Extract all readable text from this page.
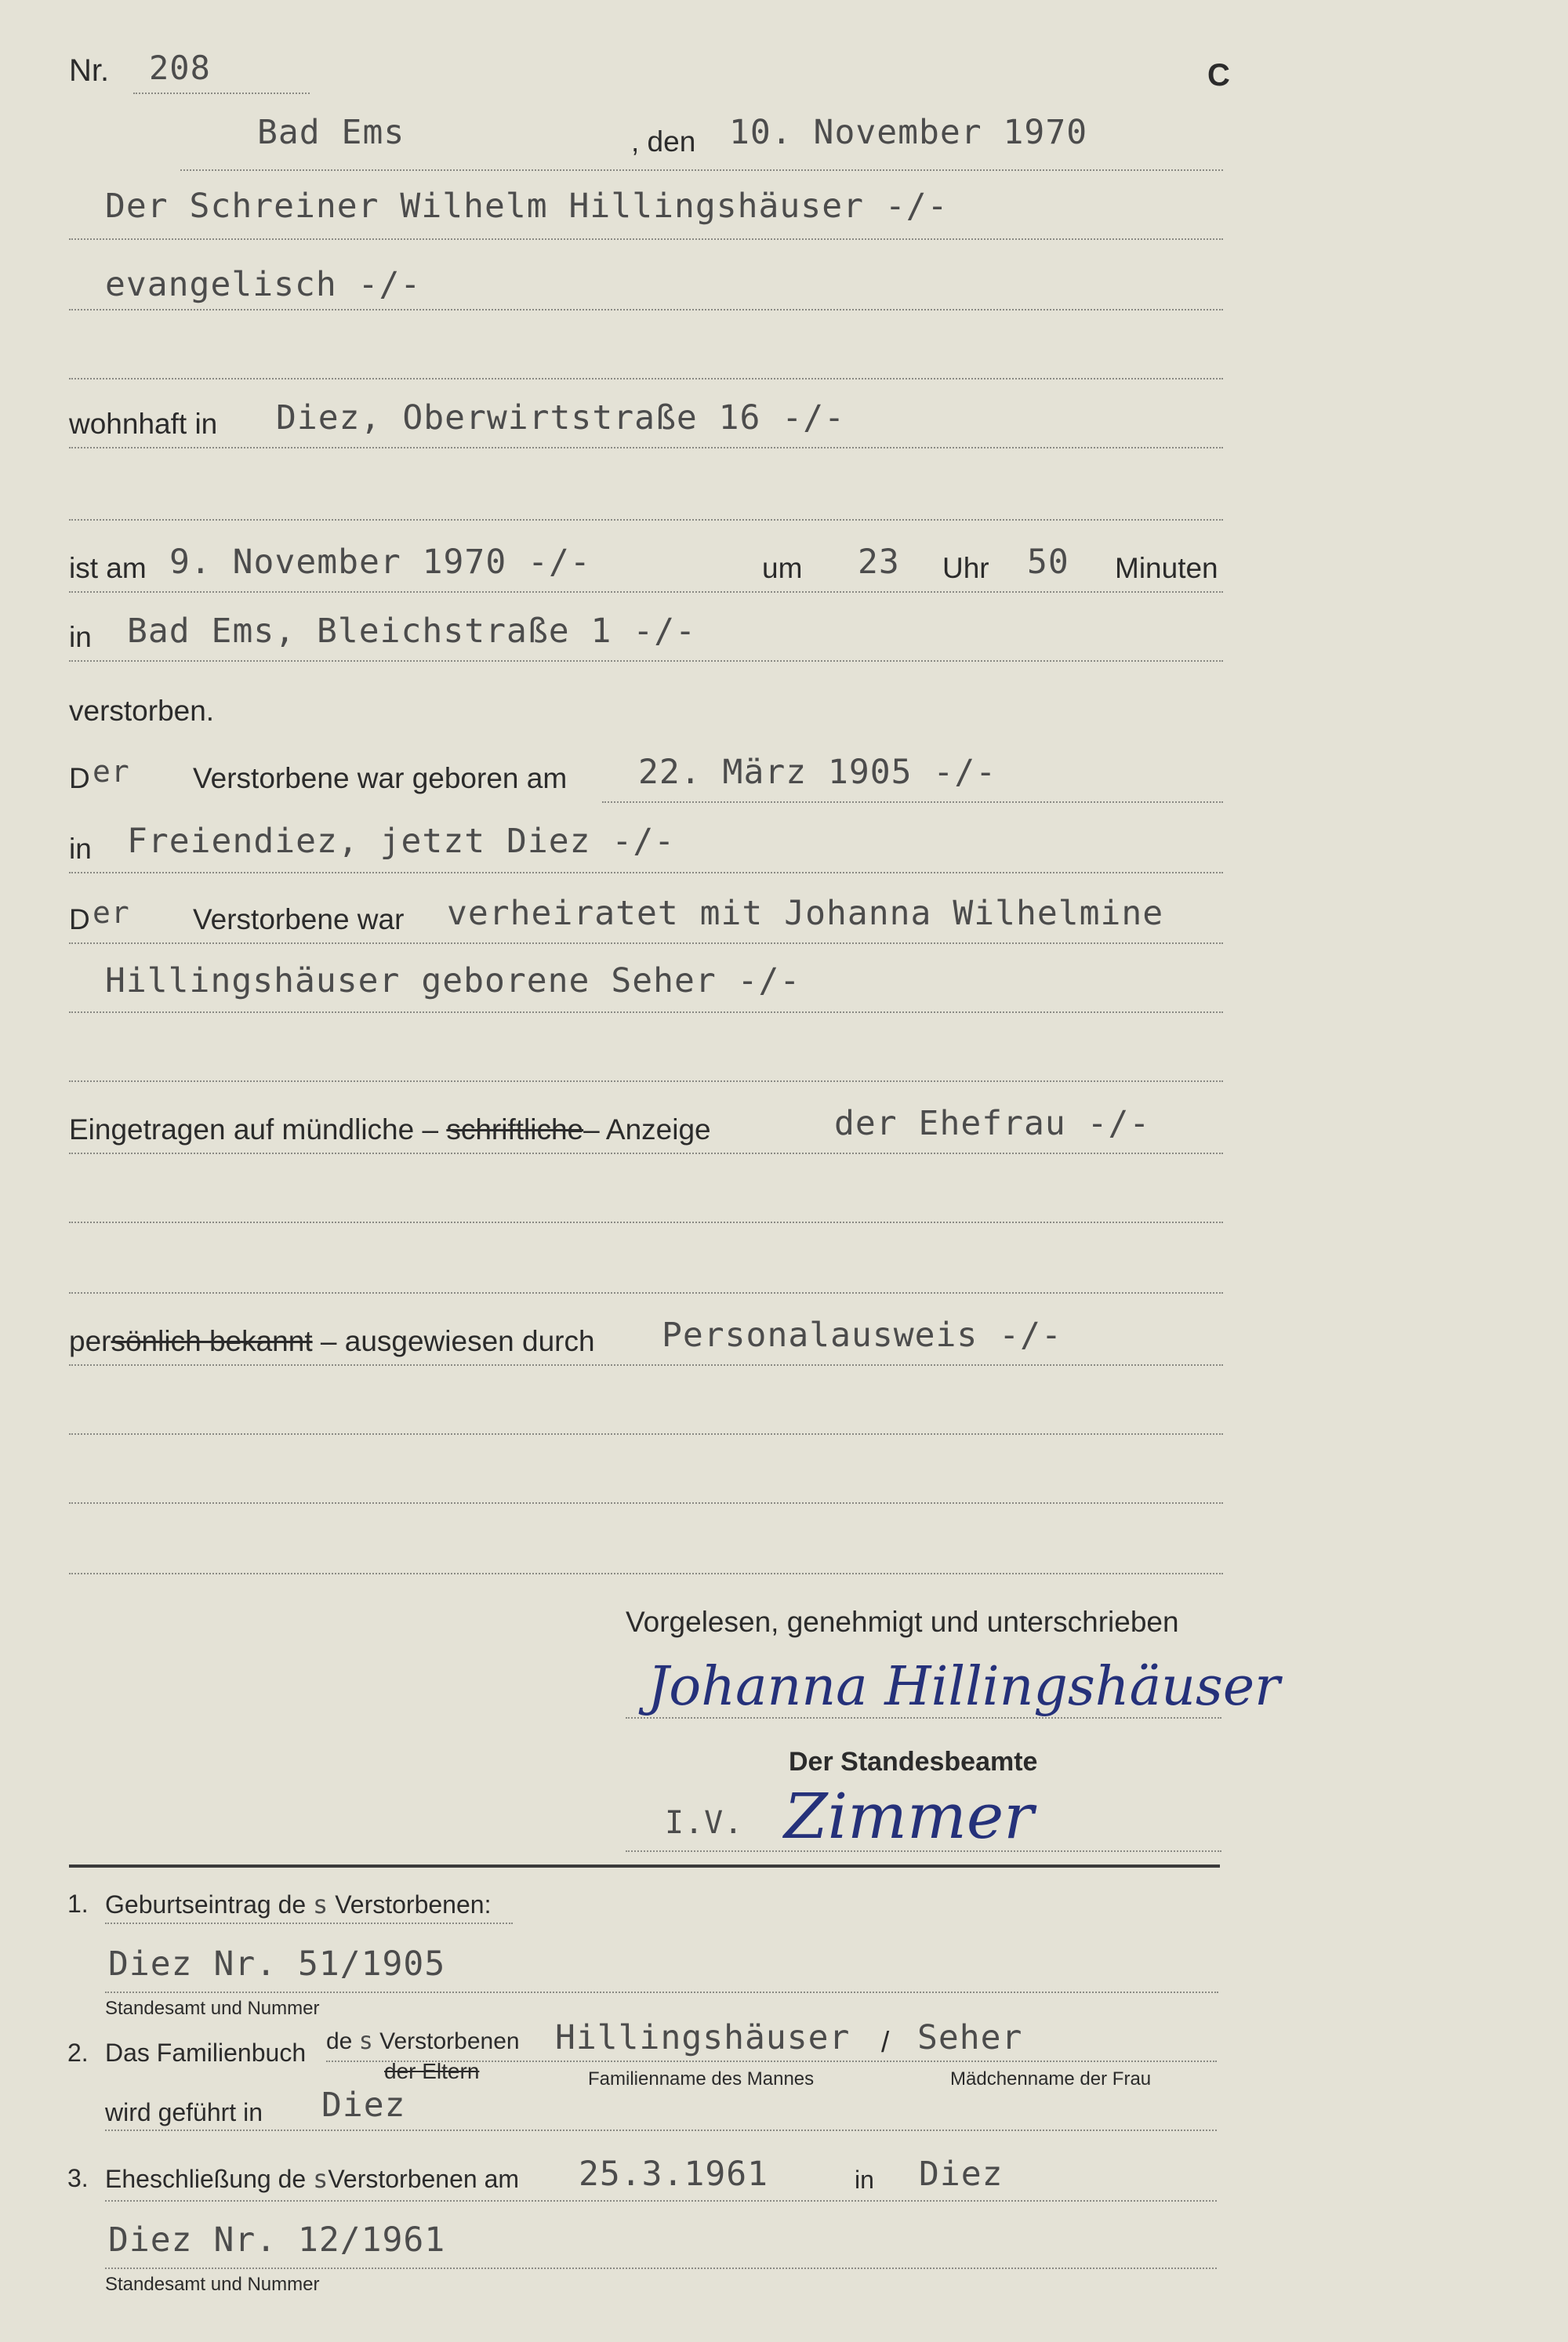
Nr. 208	C
Bad Ems	, den 10. November 1970
Der Schreiner Wilhelm Hillingshäuser -/-
evangelisch -/-
wohnhaft in Diez, Oberwirtstraße 16 -/-
ist am 9. November 1970 -/-	um 23 Uhr 50 Minuten
in Bad Ems, Bleichstraße 1 -/-
verstorben.
D er Verstorbene war geboren am 22. März 1905 -/-
in Freiendiez, jetzt Diez -/-
D er Verstorbene war verheiratet mit Johanna Wilhelmine
Hillingshäuser geborene Seher -/-
Eingetragen auf mündliche – schriftliche– Anzeige	der Ehefrau -/-
persönlich bekannt – ausgewiesen durch Personalausweis -/-
Vorgelesen, genehmigt und unterschrieben
Johanna Hillingshäuser
Der Standesbeamte
I.V. Zimmer
1. Geburtseintrag de s Verstorbenen:
Diez Nr. 51/1905
Standesamt und Nummer
2. Das Familienbuch de s Verstorbenen
der Eltern
Hillingshäuser / Seher
Familienname des Mannes	Mädchenname der Frau
wird geführt in Diez
3. Eheschließung de sVerstorbenen am 25.3.1961	in Diez
Diez Nr. 12/1961
Standesamt und Nummer
